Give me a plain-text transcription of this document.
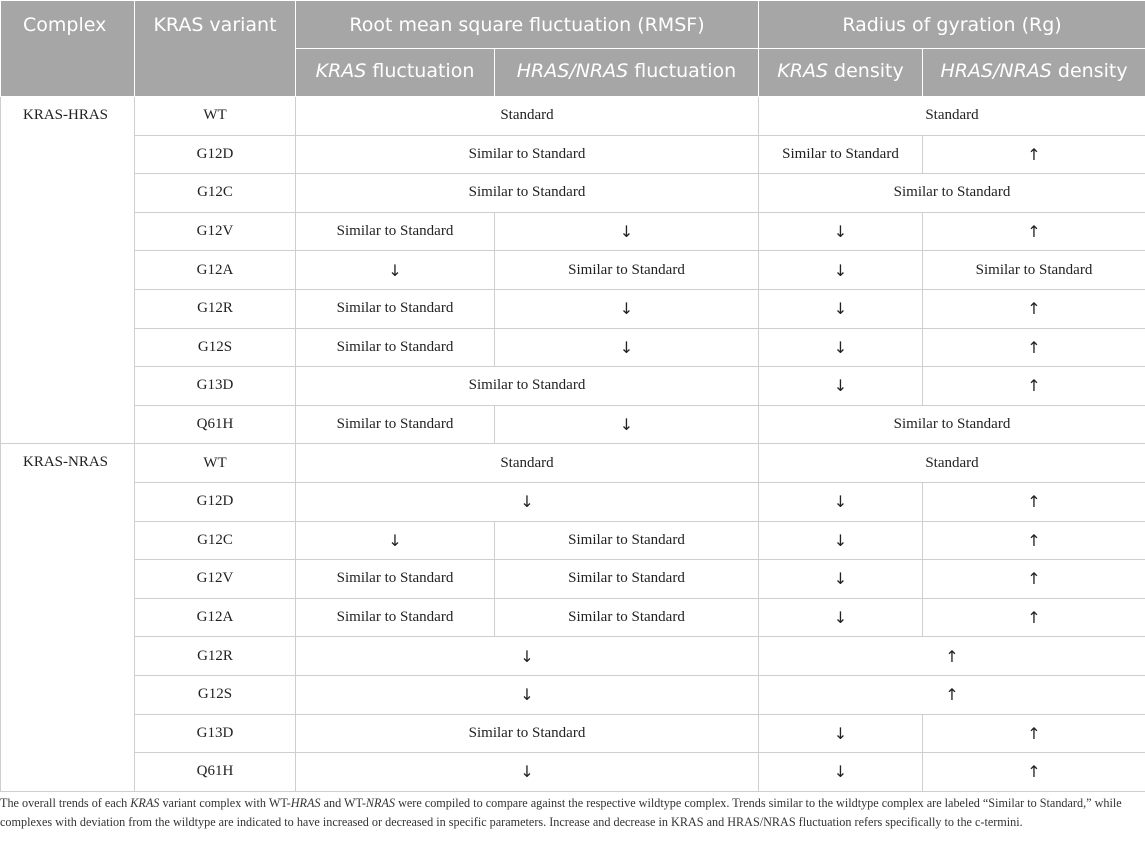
Complex	KRAS variant	Root mean square fluctuation (RMSF)		Radius of gyration (Rg)	
		KRAS fluctuation	HRAS/NRAS fluctuation	KRAS density	HRAS/NRAS density
KRAS-HRAS	WT	Standard		Standard	
	G12D	Similar to Standard		Similar to Standard	↑
	G12C	Similar to Standard		Similar to Standard	
	G12V	Similar to Standard	↓	↓	↑
	G12A	↓	Similar to Standard	↓	Similar to Standard
	G12R	Similar to Standard	↓	↓	↑
	G12S	Similar to Standard	↓	↓	↑
	G13D	Similar to Standard		↓	↑
	Q61H	Similar to Standard	↓	Similar to Standard	
KRAS-NRAS	WT	Standard		Standard	
	G12D	↓		↓	↑
	G12C	↓	Similar to Standard	↓	↑
	G12V	Similar to Standard	Similar to Standard	↓	↑
	G12A	Similar to Standard	Similar to Standard	↓	↑
	G12R	↓		↑	
	G12S	↓		↑	
	G13D	Similar to Standard		↓	↑
	Q61H	↓		↓	↑
The overall trends of each KRAS variant complex with WT-HRAS and WT-NRAS were compiled to compare against the respective wildtype complex. Trends similar to the wildtype complex are labeled “Similar to Standard,” while complexes with deviation from the wildtype are indicated to have increased or decreased in specific parameters. Increase and decrease in KRAS and HRAS/NRAS fluctuation refers specifically to the c-termini.
